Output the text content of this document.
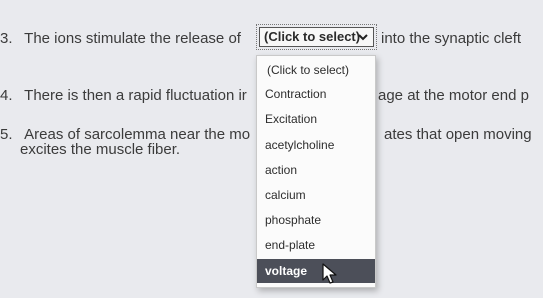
3. The ions stimulate the release of	into the synaptic cleft
(Click to select)
4. There is then a rapid fluctuation ir	age at the motor end p
5. Areas of sarcolemma near the mo	ates that open moving
excites the muscle fiber.
(Click to select)
Contraction
Excitation
acetylcholine
action
calcium
phosphate
end-plate
voltage
